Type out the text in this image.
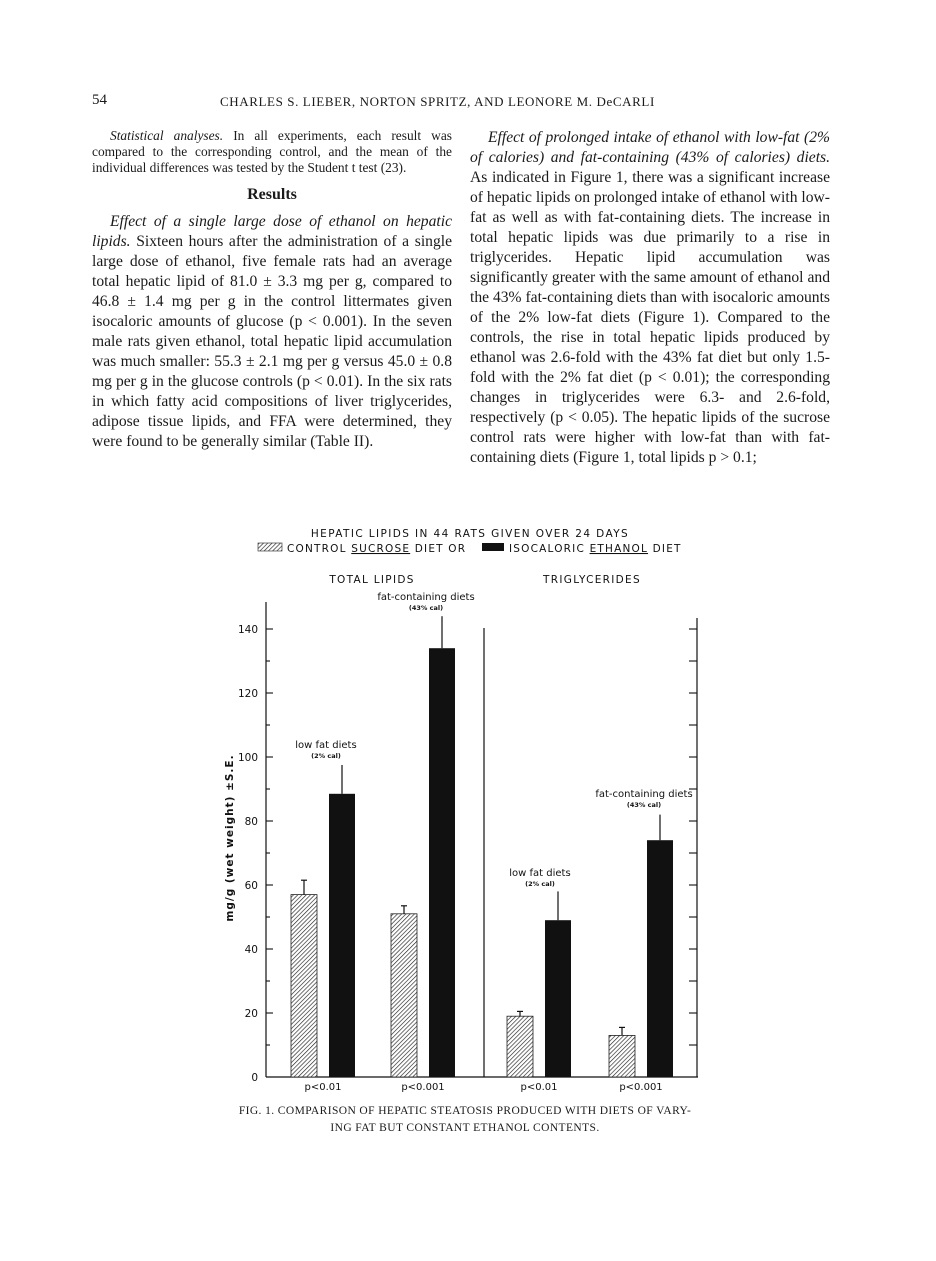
54	CHARLES S. LIEBER, NORTON SPRITZ, AND LEONORE M. DeCARLI

Statistical analyses. In all experiments, each result was compared to the corresponding control, and the mean of the individual differences was tested by the Student t test (23).

Results

Effect of a single large dose of ethanol on hepatic lipids. Sixteen hours after the administration of a single large dose of ethanol, five female rats had an average total hepatic lipid of 81.0 ± 3.3 mg per g, compared to 46.8 ± 1.4 mg per g in the control littermates given isocaloric amounts of glucose (p < 0.001). In the seven male rats given ethanol, total hepatic lipid accumulation was much smaller: 55.3 ± 2.1 mg per g versus 45.0 ± 0.8 mg per g in the glucose controls (p < 0.01). In the six rats in which fatty acid compositions of liver triglycerides, adipose tissue lipids, and FFA were determined, they were found to be generally similar (Table II).

Effect of prolonged intake of ethanol with low-fat (2% of calories) and fat-containing (43% of calories) diets. As indicated in Figure 1, there was a significant increase of hepatic lipids on prolonged intake of ethanol with low-fat as well as with fat-containing diets. The increase in total hepatic lipids was due primarily to a rise in triglycerides. Hepatic lipid accumulation was significantly greater with the same amount of ethanol and the 43% fat-containing diets than with isocaloric amounts of the 2% low-fat diets (Figure 1). Compared to the controls, the rise in total hepatic lipids produced by ethanol was 2.6-fold with the 43% fat diet but only 1.5-fold with the 2% fat diet (p < 0.01); the corresponding changes in triglycerides were 6.3- and 2.6-fold, respectively (p < 0.05). The hepatic lipids of the sucrose control rats were higher with low-fat than with fat-containing diets (Figure 1, total lipids p > 0.1;

HEPATIC LIPIDS IN 44 RATS GIVEN OVER 24 DAYS
CONTROL SUCROSE DIET OR	ISOCALORIC ETHANOL DIET
TOTAL LIPIDS	TRIGLYCERIDES
mg/g (wet weight) ±S.E.
0
20
40
60
80
100
120
140
p<0.01
low fat diets
(2% cal)
p<0.001
fat-containing diets
(43% cal)
p<0.01
low fat diets
(2% cal)
p<0.001
fat-containing diets
(43% cal)
FIG. 1. COMPARISON OF HEPATIC STEATOSIS PRODUCED WITH DIETS OF VARY-
ING FAT BUT CONSTANT ETHANOL CONTENTS.
